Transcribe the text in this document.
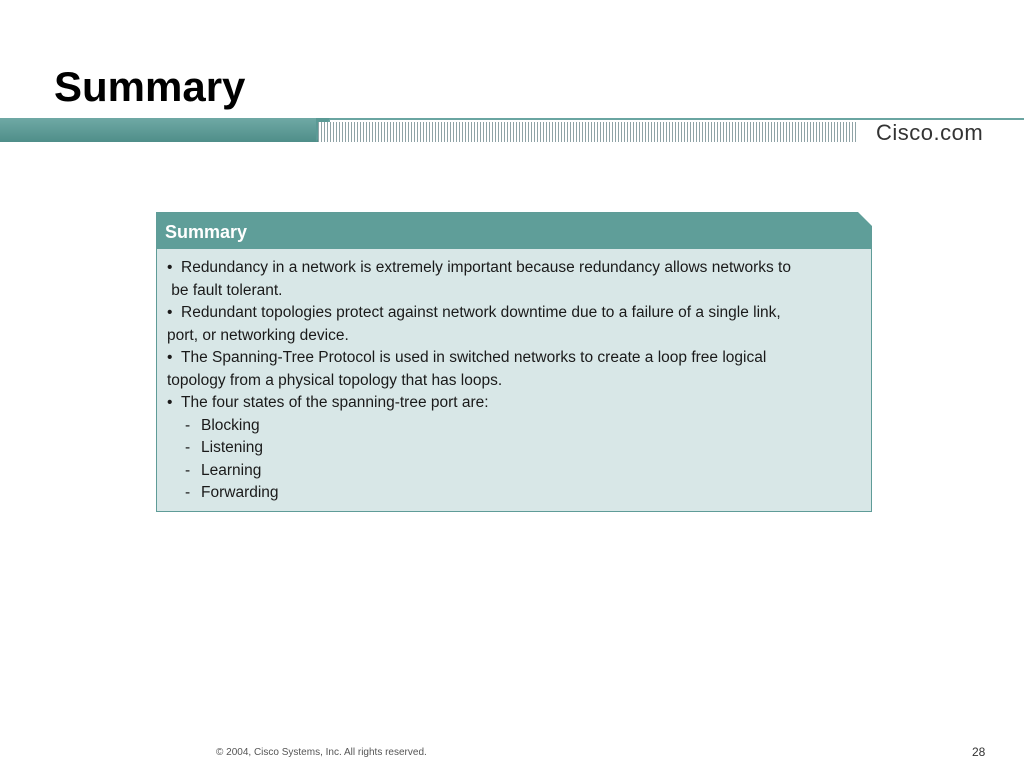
Summary
Cisco.com
Summary
• Redundancy in a network is extremely important because redundancy allows networks to
be fault tolerant.
• Redundant topologies protect against network downtime due to a failure of a single link,
port, or networking device.
• The Spanning-Tree Protocol is used in switched networks to create a loop free logical
topology from a physical topology that has loops.
• The four states of the spanning-tree port are:
- Blocking
- Listening
- Learning
- Forwarding
© 2004, Cisco Systems, Inc. All rights reserved.	28
